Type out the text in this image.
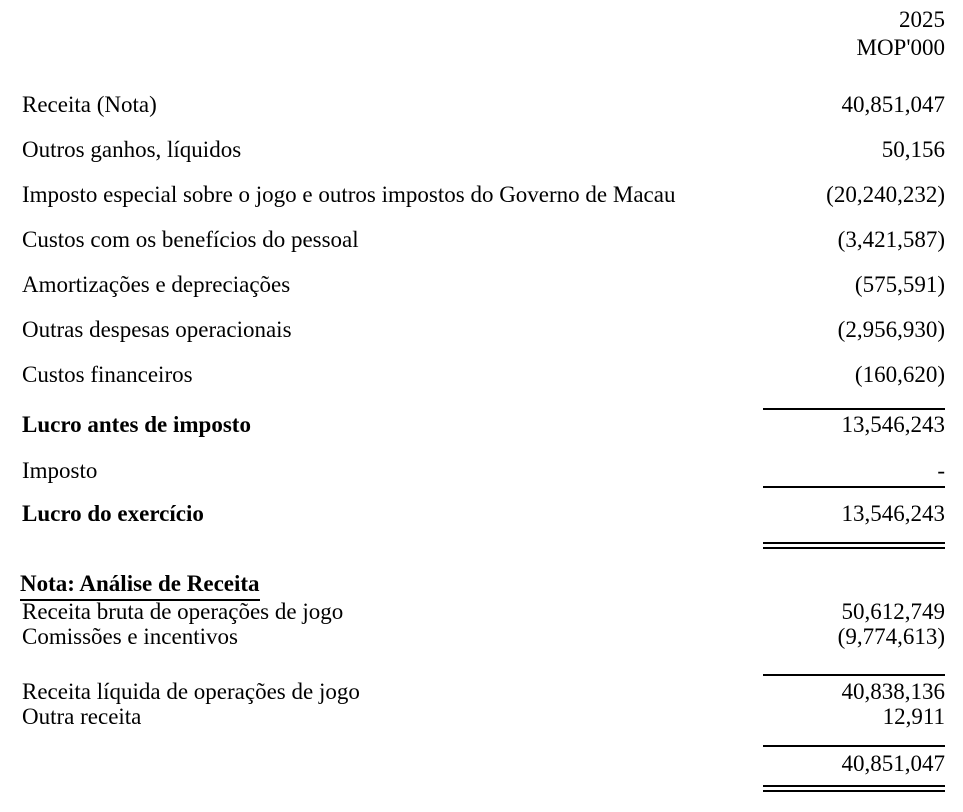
2025
MOP'000
Receita (Nota)	40,851,047
Outros ganhos, líquidos	50,156
Imposto especial sobre o jogo e outros impostos do Governo de Macau	(20,240,232)
Custos com os benefícios do pessoal	(3,421,587)
Amortizações e depreciações	(575,591)
Outras despesas operacionais	(2,956,930)
Custos financeiros	(160,620)
Lucro antes de imposto	13,546,243
Imposto	-
Lucro do exercício	13,546,243
Nota: Análise de Receita
Receita bruta de operações de jogo	50,612,749
Comissões e incentivos	(9,774,613)
Receita líquida de operações de jogo	40,838,136
Outra receita	12,911
40,851,047
